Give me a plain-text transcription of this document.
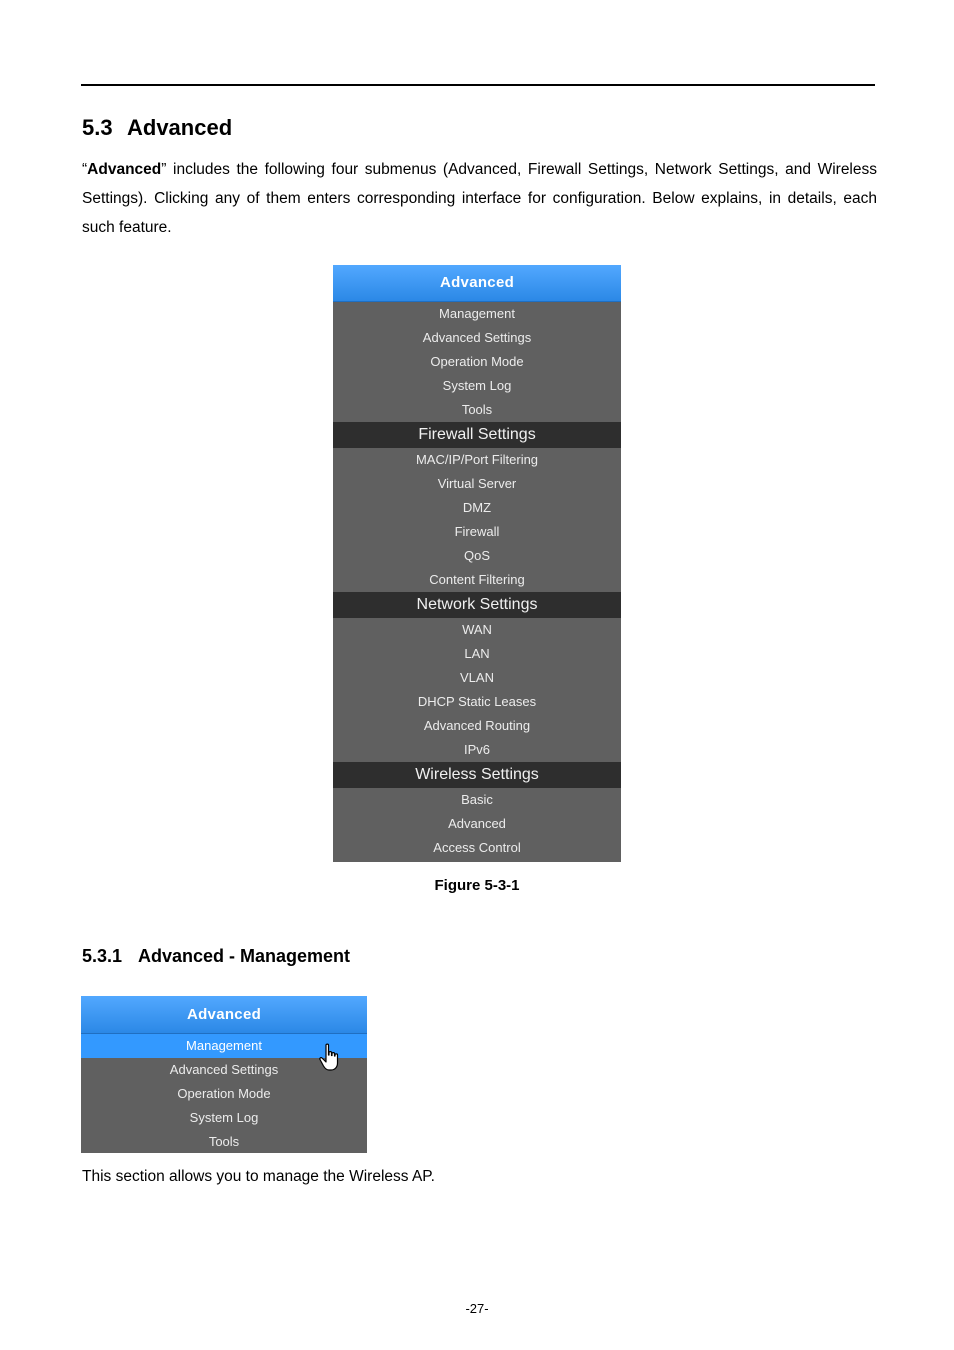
5.3 Advanced

“Advanced” includes the following four submenus (Advanced, Firewall Settings, Network Settings, and Wireless Settings). Clicking any of them enters corresponding interface for configuration. Below explains, in details, each such feature.

Advanced
Management
Advanced Settings
Operation Mode
System Log
Tools
Firewall Settings
MAC/IP/Port Filtering
Virtual Server
DMZ
Firewall
QoS
Content Filtering
Network Settings
WAN
LAN
VLAN
DHCP Static Leases
Advanced Routing
IPv6
Wireless Settings
Basic
Advanced
Access Control
Figure 5-3-1
5.3.1 Advanced - Management
Advanced
Management
Advanced Settings
Operation Mode
System Log
Tools

This section allows you to manage the Wireless AP.

-27-
